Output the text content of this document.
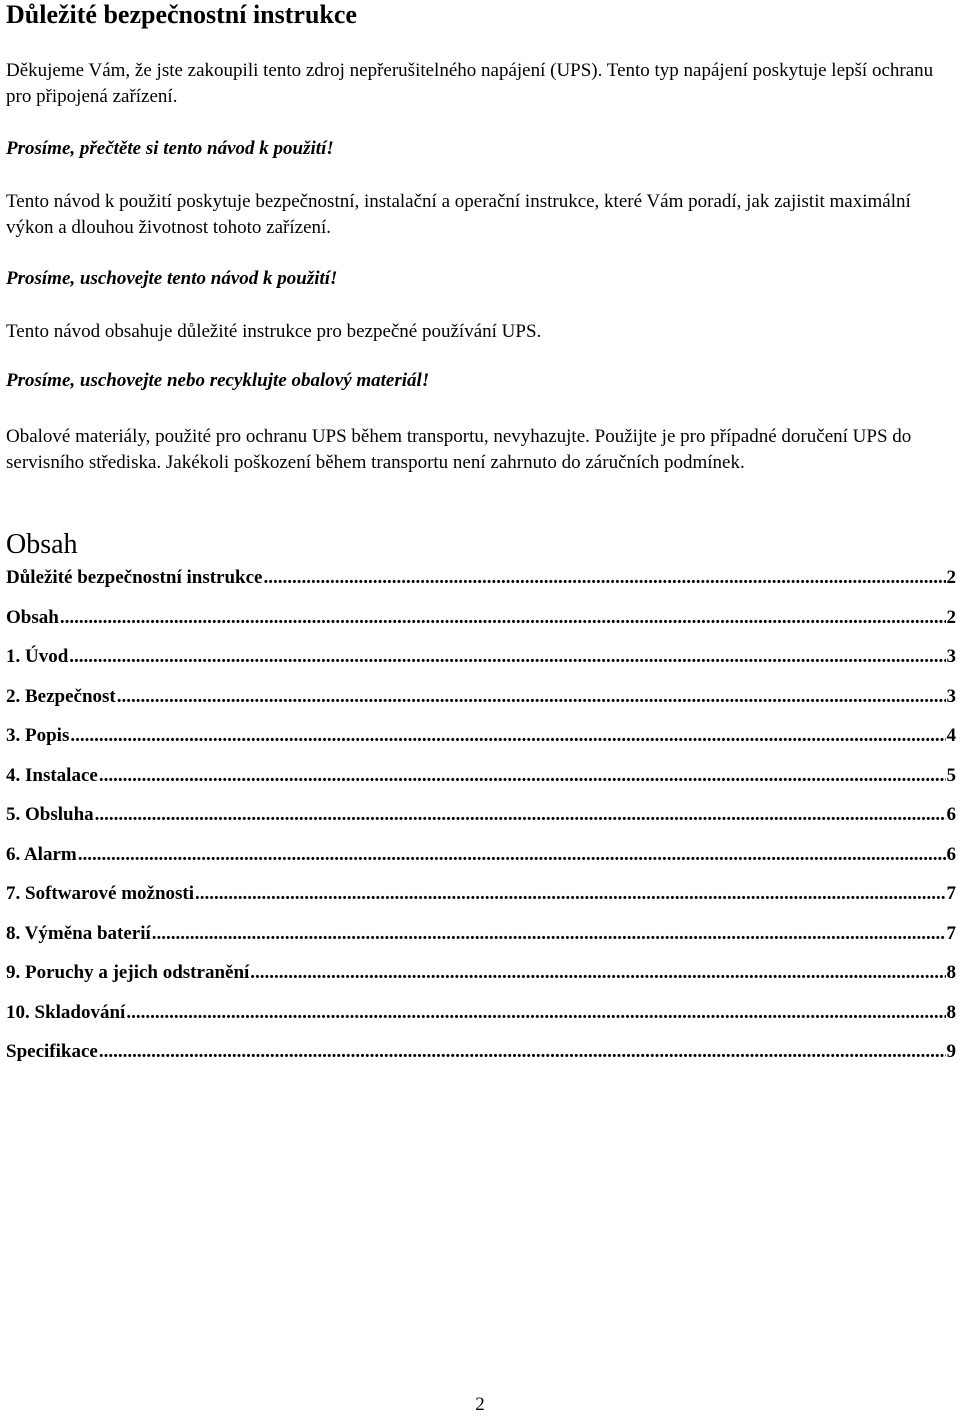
Důležité bezpečnostní instrukce

Děkujeme Vám, že jste zakoupili tento zdroj nepřerušitelného napájení (UPS). Tento typ napájení poskytuje lepší ochranu pro připojená zařízení.

Prosíme, přečtěte si tento návod k použití!

Tento návod k použití poskytuje bezpečnostní, instalační a operační instrukce, které Vám poradí, jak zajistit maximální výkon a dlouhou životnost tohoto zařízení.

Prosíme, uschovejte tento návod k použití!

Tento návod obsahuje důležité instrukce pro bezpečné používání UPS.

Prosíme, uschovejte nebo recyklujte obalový materiál!

Obalové materiály, použité pro ochranu UPS během transportu, nevyhazujte. Použijte je pro případné doručení UPS do servisního střediska. Jakékoli poškození během transportu není zahrnuto do záručních podmínek.

Obsah
Důležité bezpečnostní instrukce .....	2
Obsah .....	2
1. Úvod .....	3
2. Bezpečnost .....	3
3. Popis .....	4
4. Instalace .....	5
5. Obsluha .....	6
6. Alarm .....	6
7. Softwarové možnosti .....	7
8. Výměna baterií .....	7
9. Poruchy a jejich odstranění .....	8
10. Skladování .....	8
Specifikace .....	9
2
